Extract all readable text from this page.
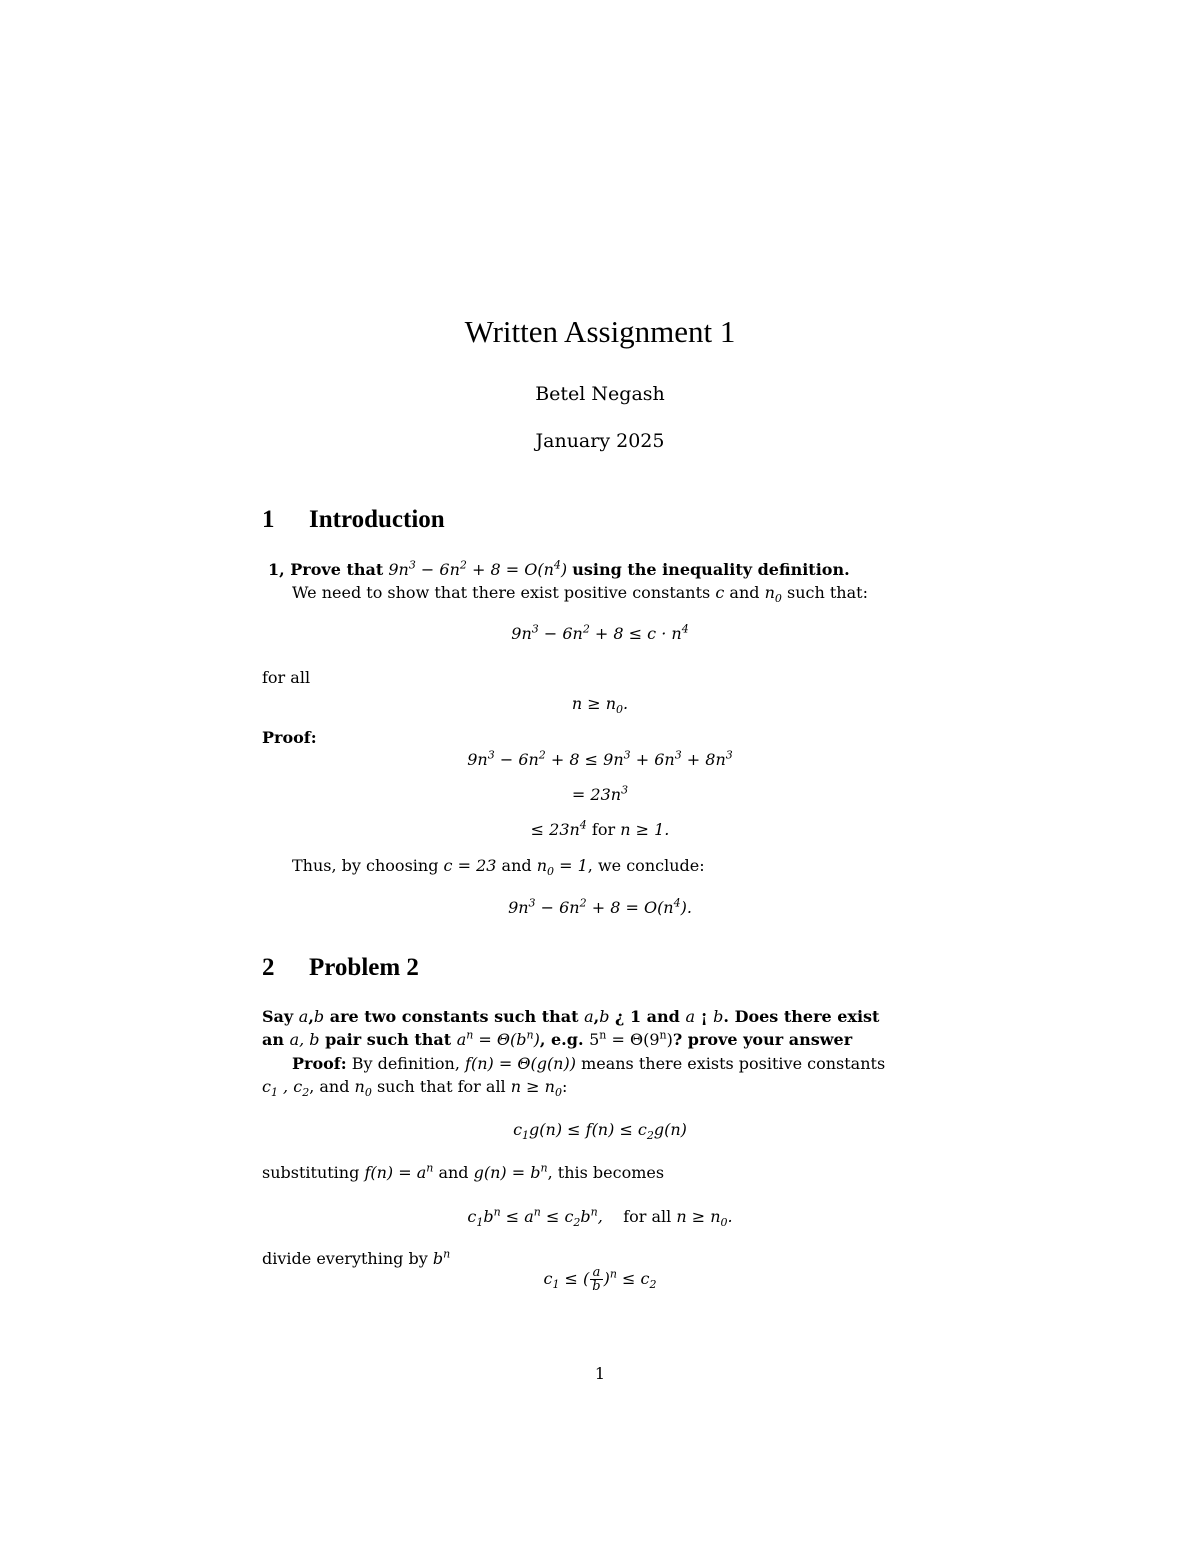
Written Assignment 1
Betel Negash
January 2025
1 Introduction
1, Prove that $9n^3 - 6n^2 + 8 = O(n^4)$ using the inequality definition.
We need to show that there exist positive constants c and $n_0$ such that:
$9n^3 - 6n^2 + 8 \le c \cdot n^4$
for all
$n \ge n_0$.
Proof:
$9n^3 - 6n^2 + 8 \le 9n^3 + 6n^3 + 8n^3$
= $23n^3$
≤ $23n^4$ for n ≥ 1.
Thus, by choosing c = 23 and $n_0 = 1$, we conclude:
$9n^3 - 6n^2 + 8 = O(n^4)$.
2 Problem 2
Say a,b are two constants such that a,b ¿ 1 and a ¡ b. Does there exist
an a, b pair such that $a^n = \Theta(b^n)$, e.g. $5^n = \Theta(9^n)$? prove your answer
Proof: By definition, f(n) = Θ(g(n)) means there exists positive constants
$c_1$ , $c_2$, and $n_0$ such that for all $n \ge n_0$:
$c_1g(n) \le f(n) \le c_2g(n)$
substituting $f(n) = a^n$ and $g(n) = b^n$, this becomes
$c_1b^n \le a^n \le c_2b^n$, for all $n \ge n_0$.
divide everything by $b^n$
$c_1$ ≤ ( $\frac{a}{b} )^n \le c_2$
1
